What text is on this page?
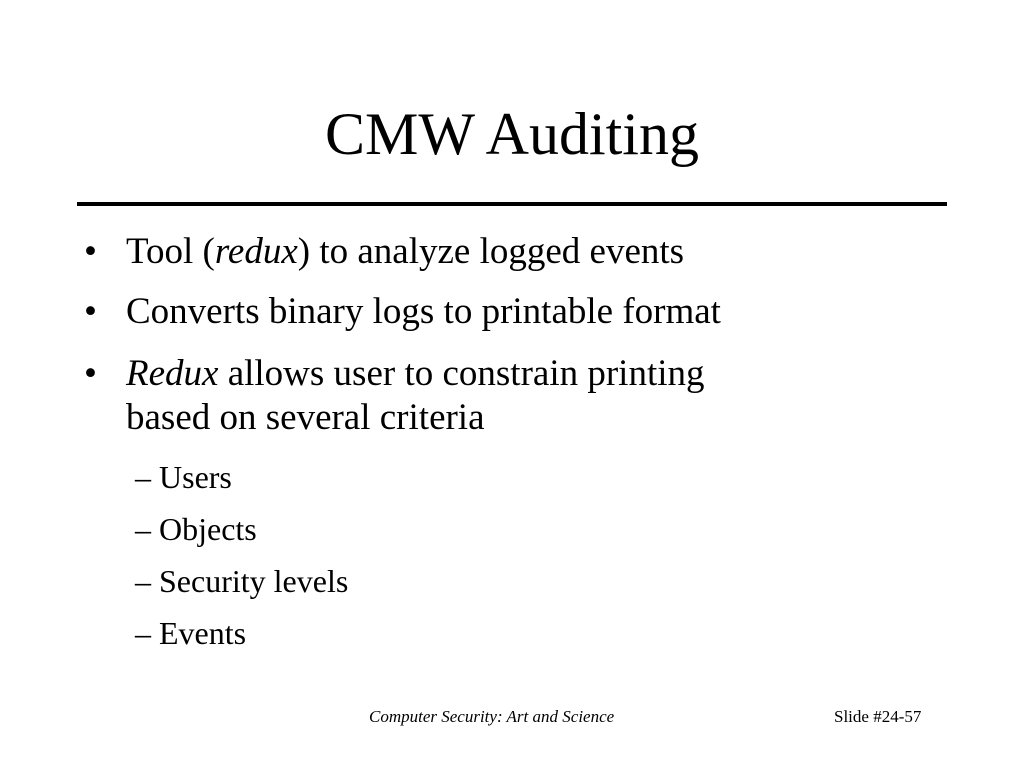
CMW Auditing
• Tool (redux) to analyze logged events
• Converts binary logs to printable format
• Redux allows user to constrain printing
based on several criteria
– Users
– Objects
– Security levels
– Events
Computer Security: Art and Science	Slide #24-57
